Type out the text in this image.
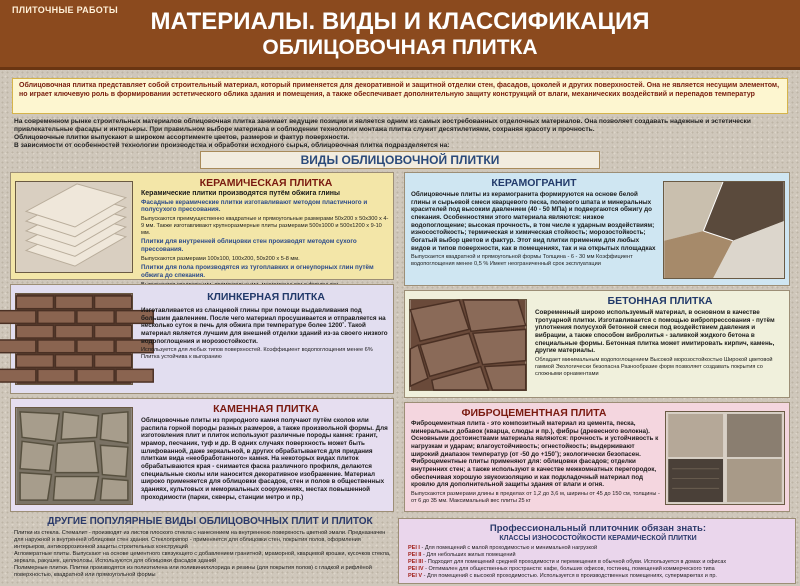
ПЛИТОЧНЫЕ РАБОТЫ	МАТЕРИАЛЫ. ВИДЫ И КЛАССИФИКАЦИЯ
ОБЛИЦОВОЧНАЯ ПЛИТКА
Облицовочная плитка представляет собой строительный материал, который применяется для декоративной и защитной отделки стен, фасадов, цоколей и других поверхностей. Она не является несущим элементом, но играет ключевую роль в формировании эстетического облика здания и помещения, а также обеспечивает дополнительную защиту конструкций от влаги, механических воздействий и перепадов температур
На современном рынке строительных материалов облицовочная плитка занимает ведущие позиции и является одним из самых востребованных отделочных материалов. Она позволяет создавать надежные и эстетически привлекательные фасады и интерьеры. При правильном выборе материала и соблюдении технологии монтажа плитка служит десятилетиями, сохраняя красоту и прочность.
Облицовочные плитки выпускают в широком ассортименте цветов, размеров и фактур поверхности.
В зависимости от особенностей технологии производства и обработки исходного сырья, облицовочная плитка подразделяется на:
ВИДЫ ОБЛИЦОВОЧНОЙ ПЛИТКИ
КЕРАМИЧЕСКАЯ ПЛИТКА
Керамические плитки производятся путём обжига глины
Фасадные керамические плитки изготавливают методом пластичного и полусухого прессования.
Выпускаются преимущественно квадратные и прямоугольные размерами 50x200 x 50x300 x 4-9 мм. Также изготавливают крупноразмерные плиты размерами 500x1000 и 500x1200 x 9-10 мм.
Плитки для внутренней облицовки стен производят методом сухого прессования.
Выпускаются размерами 100x100, 100x200, 50x200 x 5-8 мм.
Плитки для пола производятся из тугоплавких и огнеупорных глин путём обжига до спекания.
КЛИНКЕРНАЯ ПЛИТКА
Изготавливается из сланцевой глины при помощи выдавливания под большим давлением. После чего материал просушивается и отправляется на несколько суток в печь для обжига при температуре более 1200˚. Такой материал является лучшим для внешней отделки зданий из-за своего низкого водопоглощения и морозостойкости.
Используется для любых типов поверхностей. Коэффициент водопоглощения менее 6% Плитка устойчива к выгоранию
КАМЕННАЯ ПЛИТКА
Облицовочные плиты из природного камня получают путём сколов или распила горной породы разных размеров, а также произвольной формы. Для изготовления плит и плиток используют различные породы камня: гранит, мрамор, песчаник, туф и др. В одних случаях поверхность может быть шлифованной, даже зеркальной, в других обрабатывается для придания плиткам вида «необработанного» камня. На некоторых видах плиток обрабатываются края - снимается фаска различного профиля, делаются специальные сколы или наносится декоративное изображение. Материал широко применяется для облицовки фасадов, стен и полов в общественных зданиях, культовых и мемориальных сооружениях, местах повышенной проходимости (парки, скверы, станции метро и пр.)
КЕРАМОГРАНИТ
Облицовочные плиты из керамогранита формируются на основе белой глины и сырьевой смеси кварцевого песка, полевого шпата и минеральных красителей под высоким давлением (40 - 50 МПа) и подвергаются обжигу до спекания. Особенностями этого материала являются: низкое водопоглощение; высокая прочность, в том числе к ударным воздействиям; износостойкость; термическая и химическая стойкость; морозостойкость; богатый выбор цветов и фактур. Этот вид плитки применим для любых видов и типов поверхности, как в помещениях, так и на открытых площадках
Выпускается квадратной и прямоугольной формы Толщина - 6 - 30 мм Коэффициент водопоглощения менее 0,5 % Имеет неограниченный срок эксплуатации
БЕТОННАЯ ПЛИТКА
Современный широко используемый материал, в основном в качестве тротуарной плитки. Изготавливается с помощью вибропрессования - путём уплотнения полусухой бетонной смеси под воздействием давления и вибрации, а также способом вибролитья - заливкой жидкого бетона в специальные формы. Бетонная плитка может имитировать кирпич, камень, другие материалы.
Обладает минимальным водопоглощением Высокой морозостойкостью Широкой цветовой гаммой Экологически безопасна Разнообразие форм позволяет создавать покрытия со сложными орнаментами
ФИБРОЦЕМЕНТНАЯ ПЛИТА
Фиброцементная плита - это композитный материал из цемента, песка, минеральных добавок (кварца, слюды и пр.), фибры (древесного волокна). Основными достоинствами материала являются: прочность и устойчивость к нагрузкам и ударам; влагоустойчивость; огнестойкость; выдерживают широкий диапазон температур (от -50 до +150˚); экологически безопасен. Фиброцементные плиты применяют для: облицовки фасадов; отделки внутренних стен; а также используют в качестве межкомнатных перегородок, обеспечивая хорошую звукоизоляцию и как подкладочный материал под кровлю для дополнительной защиты здания от влаги и огня.
Выпускаются размерами длины в пределах от 1,2 до 3,6 м, ширины от 45 до 150 см, толщины - от 6 до 35 мм. Максимальный вес плиты 25 кг
ДРУГИЕ ПОПУЛЯРНЫЕ ВИДЫ ОБЛИЦОВОЧНЫХ ПЛИТ И ПЛИТОК
Плитки из стекла. Стемалит - производят из листов плоского стекла с нанесением на внутреннюю поверхность цветной эмали. Предназначен для наружной и внутренней облицовки стен здания. Стеклоприпор - применяется для облицовки стен, покрытия полов, оформления интерьеров, антикоррозионной защиты строительных конструкций
Агломератные плиты. Выпускают на основе цементного связующего с добавлением гранитной, мраморной, кварцевой крошки, кусочков стекла, зеркала, ракушек, целлюлозы. Используются для облицовки фасадов зданий
Полимерные плитки. Плитки производятся из полиэтилена или поливинилхлорида и резины (для покрытия полов) с гладкой и рифлёной поверхностью, квадратной или прямоугольной формы
Профессиональный плиточник обязан знать:
КЛАССЫ ИЗНОСОСТОЙКОСТИ КЕРАМИЧЕСКОЙ ПЛИТКИ
PEI I - Для помещений с малой проходимостью и минимальной нагрузкой
PEI II - Для небольших жилых помещений
PEI III - Подходит для помещений средней проходимости и перемещения в обычной обуви. Используется в домах и офисах
PEI IV - Оптимален для общественных пространств: кафе, больших офисов, гостиниц, помещений коммерческого типа
PEI V - Для помещений с высокой проходимостью. Используется в производственных помещениях, супермаркетах и пр.
